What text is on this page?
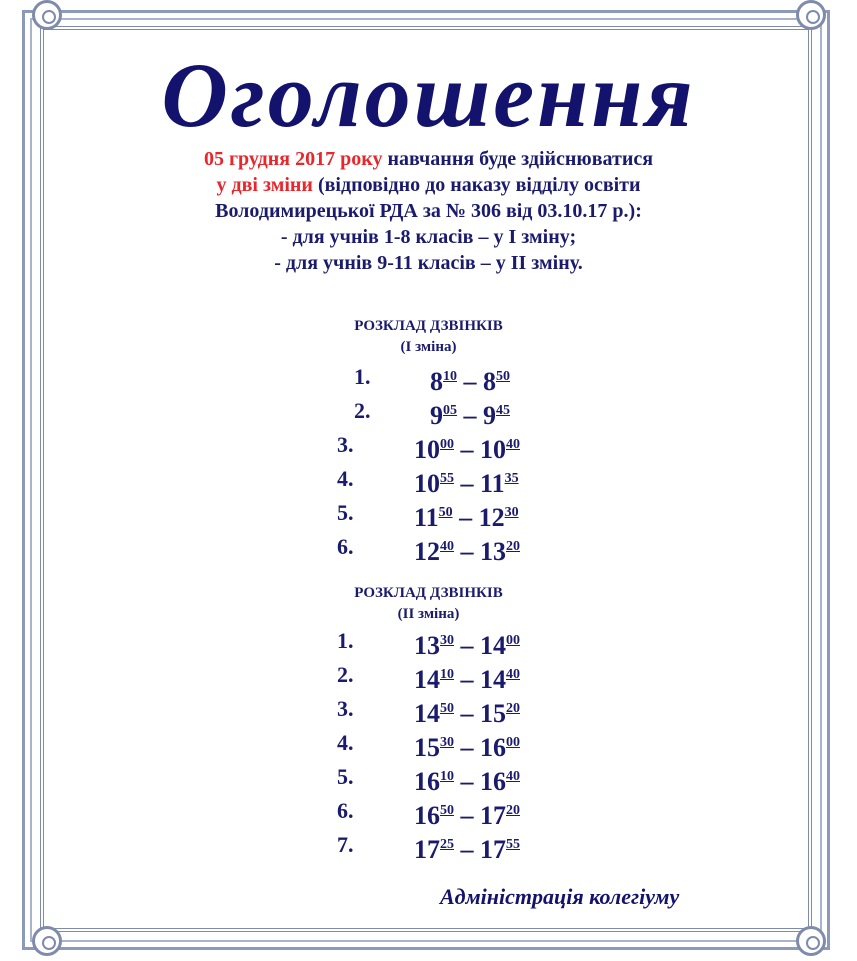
Оголошення
05 грудня 2017 року навчання буде здійснюватися
у дві зміни (відповідно до наказу відділу освіти
Володимирецької РДА за № 306 від 03.10.17 р.):
- для учнів 1-8 класів – у І зміну;
- для учнів 9-11 класів – у ІІ зміну.
РОЗКЛАД ДЗВІНКІВ
(І зміна)
1. $8^{10} - 8^{50}$
2. $9^{05} - 9^{45}$
3. $10^{00} - 10^{40}$
4. $10^{55} - 11^{35}$
5. $11^{50} - 12^{30}$
6. $12^{40} - 13^{20}$
РОЗКЛАД ДЗВІНКІВ
(ІІ зміна)
1. $13^{30} - 14^{00}$
2. $14^{10} - 14^{40}$
3. $14^{50} - 15^{20}$
4. $15^{30} - 16^{00}$
5. $16^{10} - 16^{40}$
6. $16^{50} - 17^{20}$
7. $17^{25} - 17^{55}$
Адміністрація колегіуму
